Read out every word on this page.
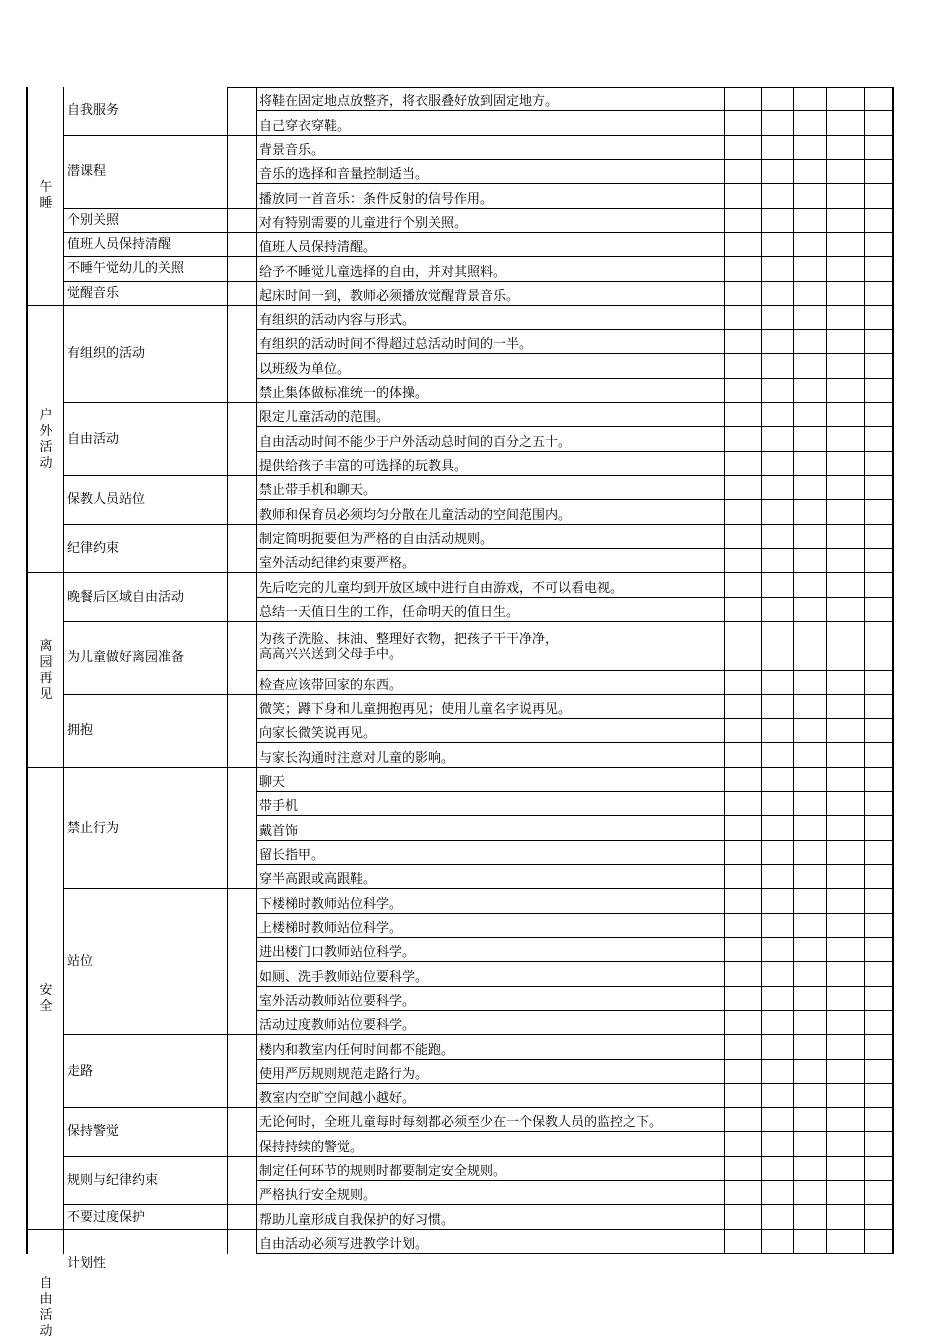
将鞋在固定地点放整齐，将衣服叠好放到固定地方。
自己穿衣穿鞋。
自我服务
背景音乐。
音乐的选择和音量控制适当。
播放同一首音乐：条件反射的信号作用。
潜课程
对有特别需要的儿童进行个别关照。
个别关照
值班人员保持清醒。
值班人员保持清醒
给予不睡觉儿童选择的自由，并对其照料。
不睡午觉幼儿的关照
起床时间一到，教师必须播放觉醒背景音乐。
觉醒音乐
午睡
有组织的活动内容与形式。
有组织的活动时间不得超过总活动时间的一半。
以班级为单位。
禁止集体做标准统一的体操。
有组织的活动
限定儿童活动的范围。
自由活动时间不能少于户外活动总时间的百分之五十。
提供给孩子丰富的可选择的玩教具。
自由活动
禁止带手机和聊天。
教师和保育员必须均匀分散在儿童活动的空间范围内。
保教人员站位
制定简明扼要但为严格的自由活动规则。
室外活动纪律约束要严格。
纪律约束
户外活动
先后吃完的儿童均到开放区域中进行自由游戏，不可以看电视。
总结一天值日生的工作，任命明天的值日生。
晚餐后区域自由活动
为孩子洗脸、抹油、整理好衣物，把孩子干干净净，
高高兴兴送到父母手中。
检查应该带回家的东西。
为儿童做好离园准备
微笑；蹲下身和儿童拥抱再见；使用儿童名字说再见。
向家长微笑说再见。
与家长沟通时注意对儿童的影响。
拥抱
离园再见
聊天
带手机
戴首饰
留长指甲。
穿半高跟或高跟鞋。
禁止行为
下楼梯时教师站位科学。
上楼梯时教师站位科学。
进出楼门口教师站位科学。
如厕、洗手教师站位要科学。
室外活动教师站位要科学。
活动过度教师站位要科学。
站位
楼内和教室内任何时间都不能跑。
使用严厉规则规范走路行为。
教室内空旷空间越小越好。
走路
无论何时，全班儿童每时每刻都必须至少在一个保教人员的监控之下。
保持持续的警觉。
保持警觉
制定任何环节的规则时都要制定安全规则。
严格执行安全规则。
规则与纪律约束
帮助儿童形成自我保护的好习惯。
不要过度保护
安全
自由活动必须写进教学计划。
计划性
自由活动
